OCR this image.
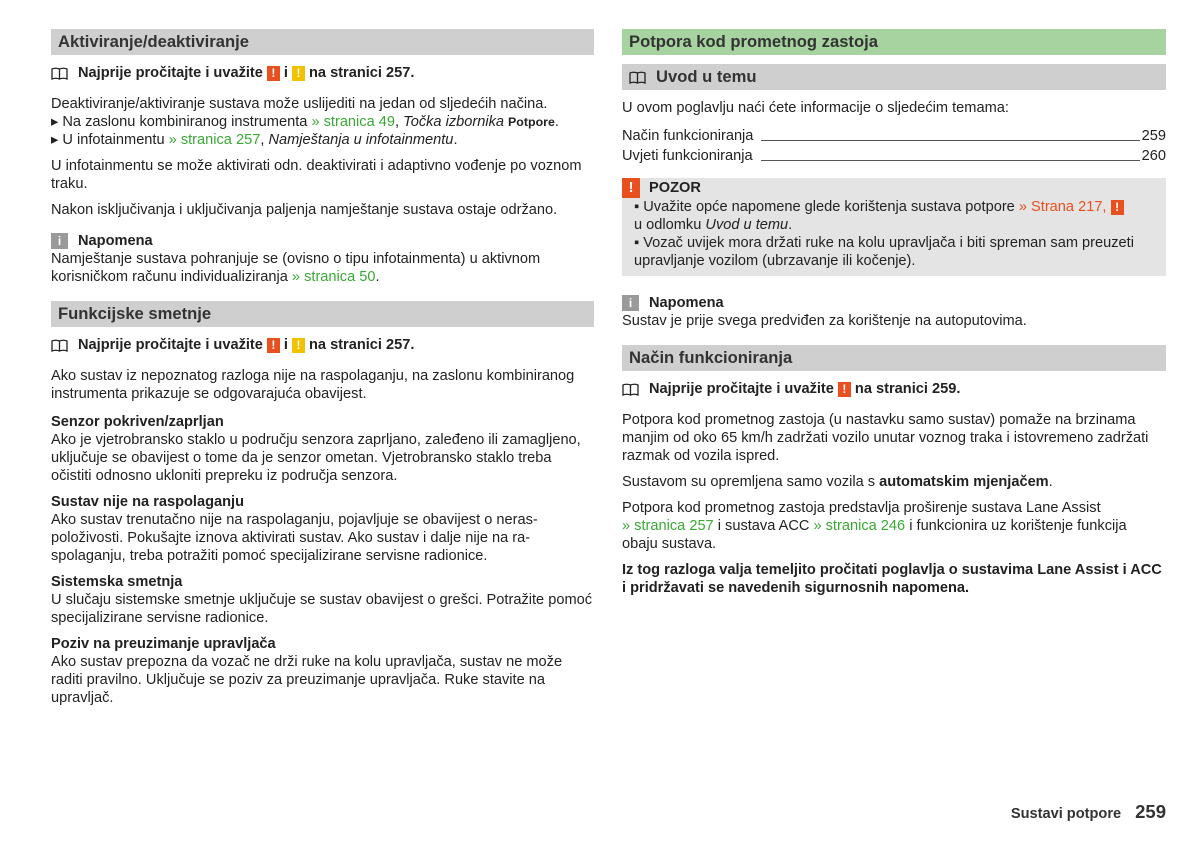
Aktiviranje/deaktiviranje
Najprije pročitajte i uvažite ! i ! na stranici 257.

Deaktiviranje/aktiviranje sustava može uslijediti na jedan od sljedećih načina.
▸ Na zaslonu kombiniranog instrumenta » stranica 49, Točka izbornika Potpore.
▸ U infotainmentu » stranica 257, Namještanja u infotainmentu.

U infotainmentu se može aktivirati odn. deaktivirati i adaptivno vođenje po voznom traku.

Nakon isključivanja i uključivanja paljenja namještanje sustava ostaje održano.

i	Napomena

Namještanje sustava pohranjuje se (ovisno o tipu infotainmenta) u aktivnom korisničkom računu individualiziranja » stranica 50.

Funkcijske smetnje
Najprije pročitajte i uvažite ! i ! na stranici 257.

Ako sustav iz nepoznatog razloga nije na raspolaganju, na zaslonu kombiniranog instrumenta prikazuje se odgovarajuća obavijest.

Senzor pokriven/zaprljan
Ako je vjetrobransko staklo u području senzora zaprljano, zaleđeno ili zamagljeno, uključuje se obavijest o tome da je senzor ometan. Vjetrobransko staklo treba očistiti odnosno ukloniti prepreku iz područja senzora.
Sustav nije na raspolaganju
Ako sustav trenutačno nije na raspolaganju, pojavljuje se obavijest o neraspoloživosti. Pokušajte iznova aktivirati sustav. Ako sustav i dalje nije na raspolaganju, treba potražiti pomoć specijalizirane servisne radionice.
Sistemska smetnja
U slučaju sistemske smetnje uključuje se sustav obavijest o grešci. Potražite pomoć specijalizirane servisne radionice.
Poziv na preuzimanje upravljača
Ako sustav prepozna da vozač ne drži ruke na kolu upravljača, sustav ne može raditi pravilno. Uključuje se poziv za preuzimanje upravljača. Ruke stavite na upravljač.
Potpora kod prometnog zastoja
Uvod u temu

U ovom poglavlju naći ćete informacije o sljedećim temama:

Način funkcioniranja	259
Uvjeti funkcioniranja	260
!	POZOR
▪ Uvažite opće napomene glede korištenja sustava potpore » Strana 217, !
u odlomku Uvod u temu.
▪ Vozač uvijek mora držati ruke na kolu upravljača i biti spreman sam preuzeti upravljanje vozilom (ubrzavanje ili kočenje).
i	Napomena

Sustav je prije svega predviđen za korištenje na autoputovima.

Način funkcioniranja
Najprije pročitajte i uvažite ! na stranici 259.

Potpora kod prometnog zastoja (u nastavku samo sustav) pomaže na brzinama manjim od oko 65 km/h zadržati vozilo unutar voznog traka i istovremeno zadržati razmak od vozila ispred.

Sustavom su opremljena samo vozila s automatskim mjenjačem.

Potpora kod prometnog zastoja predstavlja proširenje sustava Lane Assist
» stranica 257 i sustava ACC » stranica 246 i funkcionira uz korištenje funkcija obaju sustava.

Iz tog razloga valja temeljito pročitati poglavlja o sustavima Lane Assist i ACC i pridržavati se navedenih sigurnosnih napomena.

Sustavi potpore 259
